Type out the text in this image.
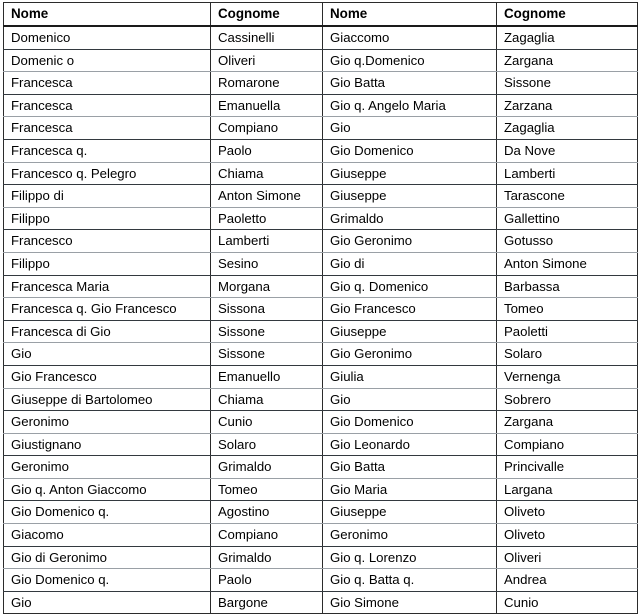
Nome	Cognome	Nome	Cognome
Domenico	Cassinelli	Giaccomo	Zagaglia
Domenic o	Oliveri	Gio q.Domenico	Zargana
Francesca	Romarone	Gio Batta	Sissone
Francesca	Emanuella	Gio q. Angelo Maria	Zarzana
Francesca	Compiano	Gio	Zagaglia
Francesca q.	Paolo	Gio Domenico	Da Nove
Francesco q. Pelegro	Chiama	Giuseppe	Lamberti
Filippo di	Anton Simone	Giuseppe	Tarascone
Filippo	Paoletto	Grimaldo	Gallettino
Francesco	Lamberti	Gio Geronimo	Gotusso
Filippo	Sesino	Gio di	Anton Simone
Francesca Maria	Morgana	Gio q. Domenico	Barbassa
Francesca q. Gio Francesco	Sissona	Gio Francesco	Tomeo
Francesca di Gio	Sissone	Giuseppe	Paoletti
Gio	Sissone	Gio Geronimo	Solaro
Gio Francesco	Emanuello	Giulia	Vernenga
Giuseppe di Bartolomeo	Chiama	Gio	Sobrero
Geronimo	Cunio	Gio Domenico	Zargana
Giustignano	Solaro	Gio Leonardo	Compiano
Geronimo	Grimaldo	Gio Batta	Princivalle
Gio q. Anton Giaccomo	Tomeo	Gio Maria	Largana
Gio Domenico q.	Agostino	Giuseppe	Oliveto
Giacomo	Compiano	Geronimo	Oliveto
Gio di Geronimo	Grimaldo	Gio q. Lorenzo	Oliveri
Gio Domenico q.	Paolo	Gio q. Batta q.	Andrea
Gio	Bargone	Gio Simone	Cunio
